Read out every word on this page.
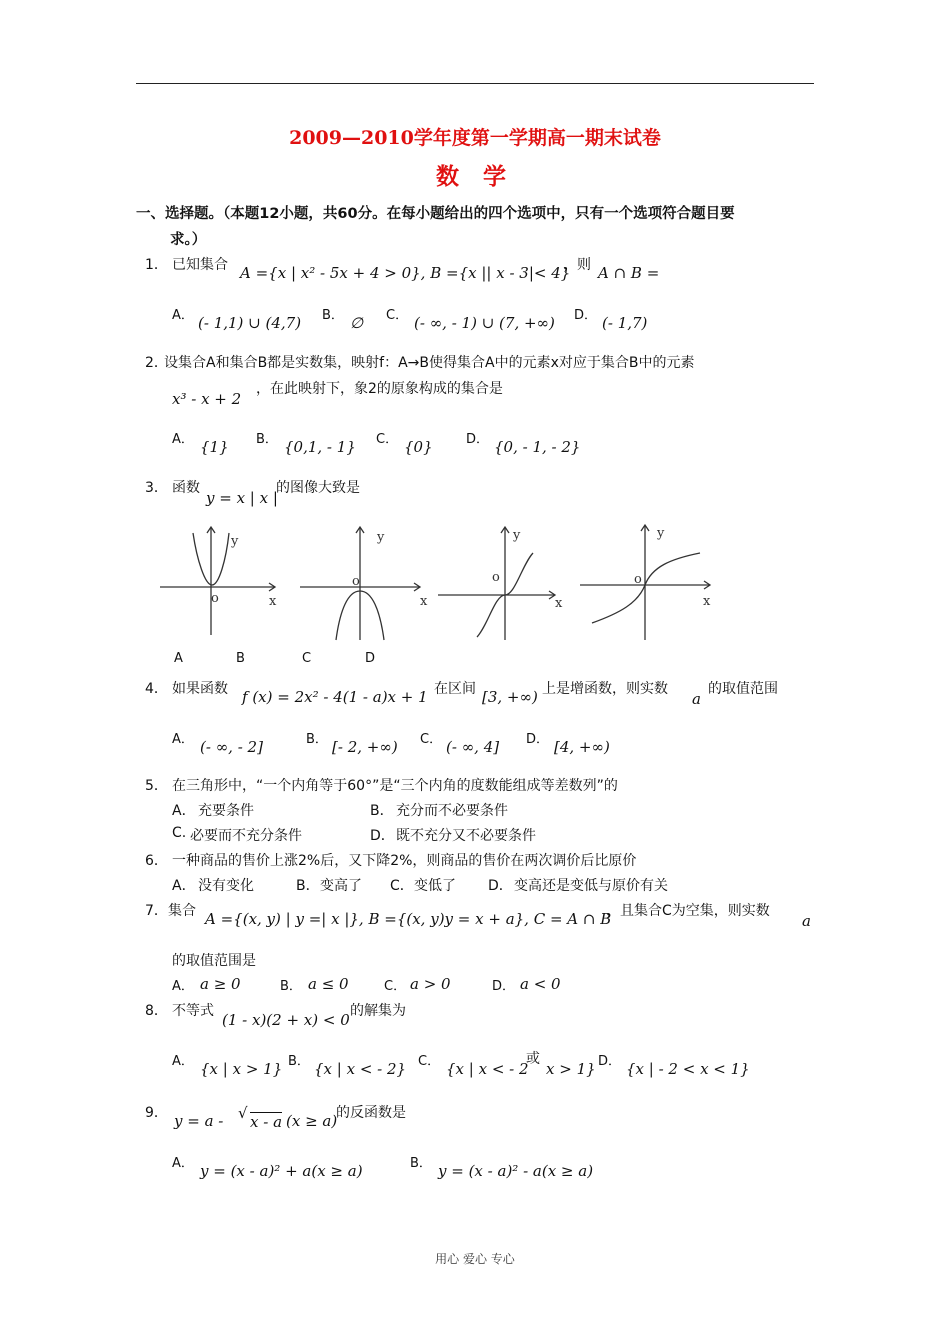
2009—2010学年度第一学期高一期末试卷
数 学
一、选择题。（本题12小题，共60分。在每小题给出的四个选项中，只有一个选项符合题目要
求。）
1． 已知集合 A ={x | x² - 5x + 4 > 0}, B ={x || x - 3|< 4}
，则 A ∩ B =
A． (- 1,1) ∪ (4,7) B． ∅ C． (- ∞, - 1) ∪ (7, +∞) D． (- 1,7)
2．
设集合A和集合B都是实数集，映射f：A→B使得集合A中的元素x对应于集合B中的元素
x³ - x + 2
，在此映射下，象2的原象构成的集合是
A． {1} B． {0,1, - 1} C． {0}	D． {0, - 1, - 2}
3． 函数
y = x | x |
的图像大致是
y
x
o
y
x
o
y
x
o
y
x
o
A	B	C	D
4． 如果函数 f (x) = 2x² - 4(1 - a)x + 1 在区间 [3, +∞) 上是增函数，则实数
a
的取值范围
A． (- ∞, - 2]	B． [- 2, +∞) C． (- ∞, 4] D． [4, +∞)
5． 在三角形中，“一个内角等于60°”是“三个内角的度数能组成等差数列”的
A． 充要条件	B． 充分而不必要条件
C. 必要而不充分条件	D． 既不充分又不必要条件
6． 一种商品的售价上涨2%后，又下降2%，则商品的售价在两次调价后比原价
A． 没有变化	B． 变高了 C． 变低了 D． 变高还是变低与原价有关
7． 集合 A ={(x, y) | y =| x |}, B ={(x, y)y = x + a}, C = A ∩ B
，且集合C为空集，则实数
a
的取值范围是
A． a ≥ 0	B． a ≤ 0	C． a > 0	D． a < 0
8． 不等式 (1 - x)(2 + x) < 0 的解集为
A． {x | x > 1} B． {x | x < - 2} C． {x | x < - 2
或
x > 1} D． {x | - 2 < x < 1}
9． y = a - √ x - a (x ≥ a)
的反函数是
A． y = (x - a)² + a(x ≥ a)	B． y = (x - a)² - a(x ≥ a)
用心 爱心 专心
